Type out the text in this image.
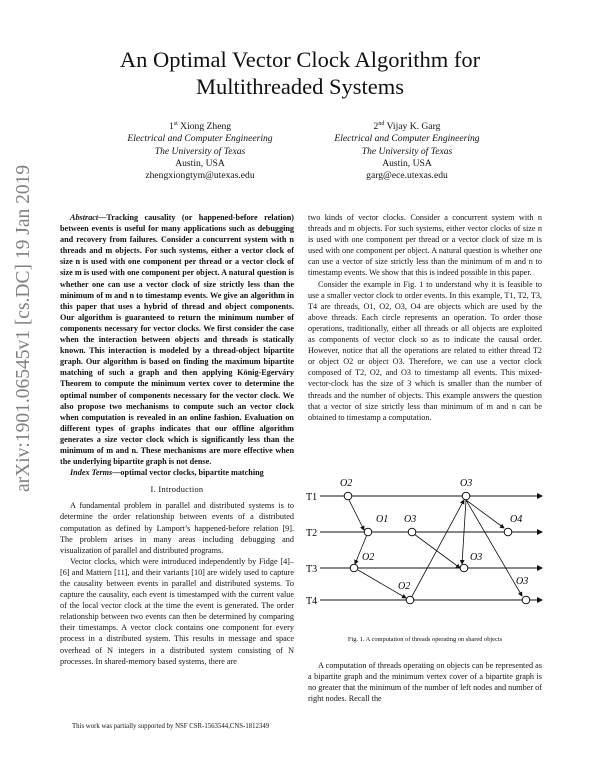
An Optimal Vector Clock Algorithm for
Multithreaded Systems
1st Xiong Zheng
Electrical and Computer Engineering
The University of Texas
Austin, USA
zhengxiongtym@utexas.edu
2nd Vijay K. Garg
Electrical and Computer Engineering
The University of Texas
Austin, USA
garg@ece.utexas.edu
arXiv:1901.06545v1 [cs.DC] 19 Jan 2019	Abstract—Tracking causality (or happened-before relation) between events is useful for many applications such as debugging and recovery from failures. Consider a concurrent system with n threads and m objects. For such systems, either a vector clock of size n is used with one component per thread or a vector clock of size m is used with one component per object. A natural question is whether one can use a vector clock of size strictly less than the minimum of m and n to timestamp events. We give an algorithm in this paper that uses a hybrid of thread and object components. Our algorithm is guaranteed to return the minimum number of components necessary for vector clocks. We first consider the case when the interaction between objects and threads is statically known. This interaction is modeled by a thread-object bipartite graph. Our algorithm is based on finding the maximum bipartite matching of such a graph and then applying König-Egerváry Theorem to compute the minimum vertex cover to determine the optimal number of components necessary for the vector clock. We also propose two mechanisms to compute such an vector clock when computation is revealed in an online fashion. Evaluation on different types of graphs indicates that our offline algorithm generates a size vector clock which is significantly less than the minimum of m and n. These mechanisms are more effective when the underlying bipartite graph is not dense.

Index Terms—optimal vector clocks, bipartite matching

I. Introduction

A fundamental problem in parallel and distributed systems is to determine the order relationship between events of a distributed computation as defined by Lamport’s happened-before relation [9]. The problem arises in many areas including debugging and visualization of parallel and distributed programs.

Vector clocks, which were introduced independently by Fidge [4]–[6] and Mattern [11], and their variants [10] are widely used to capture the causality between events in parallel and distributed systems. To capture the causality, each event is timestamped with the current value of the local vector clock at the time the event is generated. The order relationship between two events can then be determined by comparing their timestamps. A vector clock contains one component for every process in a distributed system. This results in message and space overhead of N integers in a distributed system consisting of N processes. In shared-memory based systems, there are

This work was partially supported by NSF CSR-1563544,CNS-1812349

two kinds of vector clocks. Consider a concurrent system with n threads and m objects. For such systems, either vector clocks of size n is used with one component per thread or a vector clock of size m is used with one component per object. A natural question is whether one can use a vector of size strictly less than the minimum of m and n to timestamp events. We show that this is indeed possible in this paper.

Consider the example in Fig. 1 to understand why it is feasible to use a smaller vector clock to order events. In this example, T1, T2, T3, T4 are threads, O1, O2, O3, O4 are objects which are used by the above threads. Each circle represents an operation. To order those operations, traditionally, either all threads or all objects are exploited as components of vector clock so as to indicate the causal order. However, notice that all the operations are related to either thread T2 or object O2 or object O3. Therefore, we can use a vector clock composed of T2, O2, and O3 to timestamp all events. This mixed-vector-clock has the size of 3 which is smaller than the number of threads and the number of objects. This example answers the question that a vector of size strictly less than minimum of m and n can be obtained to timestamp a computation.

T1
T2
T3
T4
O2	O3
O1 O3	O4
O2	O3
O2	O3
Fig. 1. A computation of threads operating on shared objects

A computation of threads operating on objects can be represented as a bipartite graph and the minimum vertex cover of a bipartite graph is no greater that the minimum of the number of left nodes and number of right nodes. Recall the
